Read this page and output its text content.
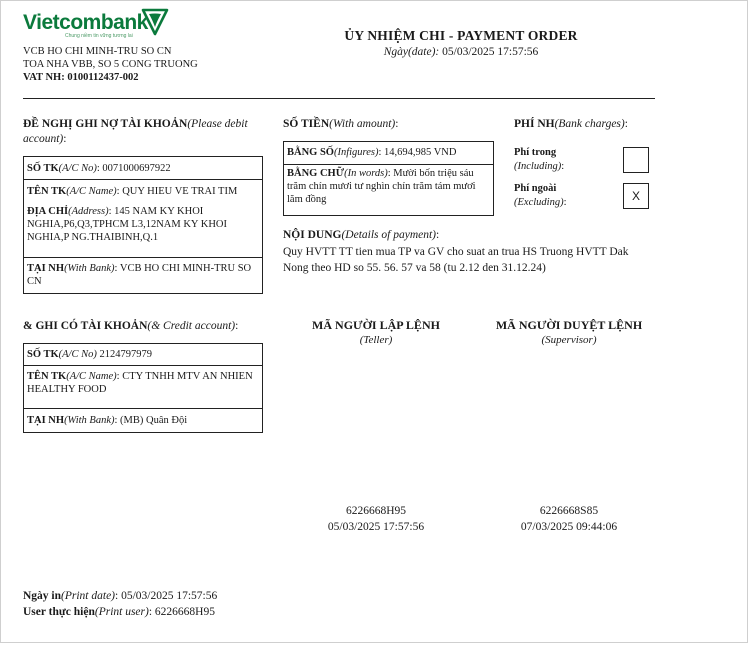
Vietcombank
Chung niềm tin vững tương lai
VCB HO CHI MINH-TRU SO CN
TOA NHA VBB, SO 5 CONG TRUONG
VAT NH: 0100112437-002
ỦY NHIỆM CHI - PAYMENT ORDER
Ngày(date): 05/03/2025 17:57:56
ĐỀ NGHỊ GHI NỢ TÀI KHOẢN(Please debit account):
SỐ TK(A/C No): 0071000697922
TÊN TK(A/C Name): QUY HIEU VE TRAI TIM
ĐỊA CHỈ(Address): 145 NAM KY KHOI NGHIA,P6,Q3,TPHCM L3,12NAM KY KHOI NGHIA,P NG.THAIBINH,Q.1
TẠI NH(With Bank): VCB HO CHI MINH-TRU SO CN
& GHI CÓ TÀI KHOẢN(& Credit account):
SỐ TK(A/C No) 2124797979
TÊN TK(A/C Name): CTY TNHH MTV AN NHIEN HEALTHY FOOD
TẠI NH(With Bank): (MB) Quân Đội
SỐ TIỀN(With amount):
BẰNG SỐ(Infigures): 14,694,985 VND
BẰNG CHỮ(In words): Mười bốn triệu sáu trăm chín mươi tư nghìn chín trăm tám mươi lăm đồng
PHÍ NH(Bank charges):
Phí trong
(Including):
Phí ngoài
(Excluding):	X
NỘI DUNG(Details of payment):
Quy HVTT TT tien mua TP va GV cho suat an trua HS Truong HVTT Dak Nong theo HD so 55. 56. 57 va 58 (tu 2.12 den 31.12.24)
MÃ NGƯỜI LẬP LỆNH
(Teller)
6226668H95
05/03/2025 17:57:56
MÃ NGƯỜI DUYỆT LỆNH
(Supervisor)
6226668S85
07/03/2025 09:44:06
Ngày in(Print date): 05/03/2025 17:57:56
User thực hiện(Print user): 6226668H95
